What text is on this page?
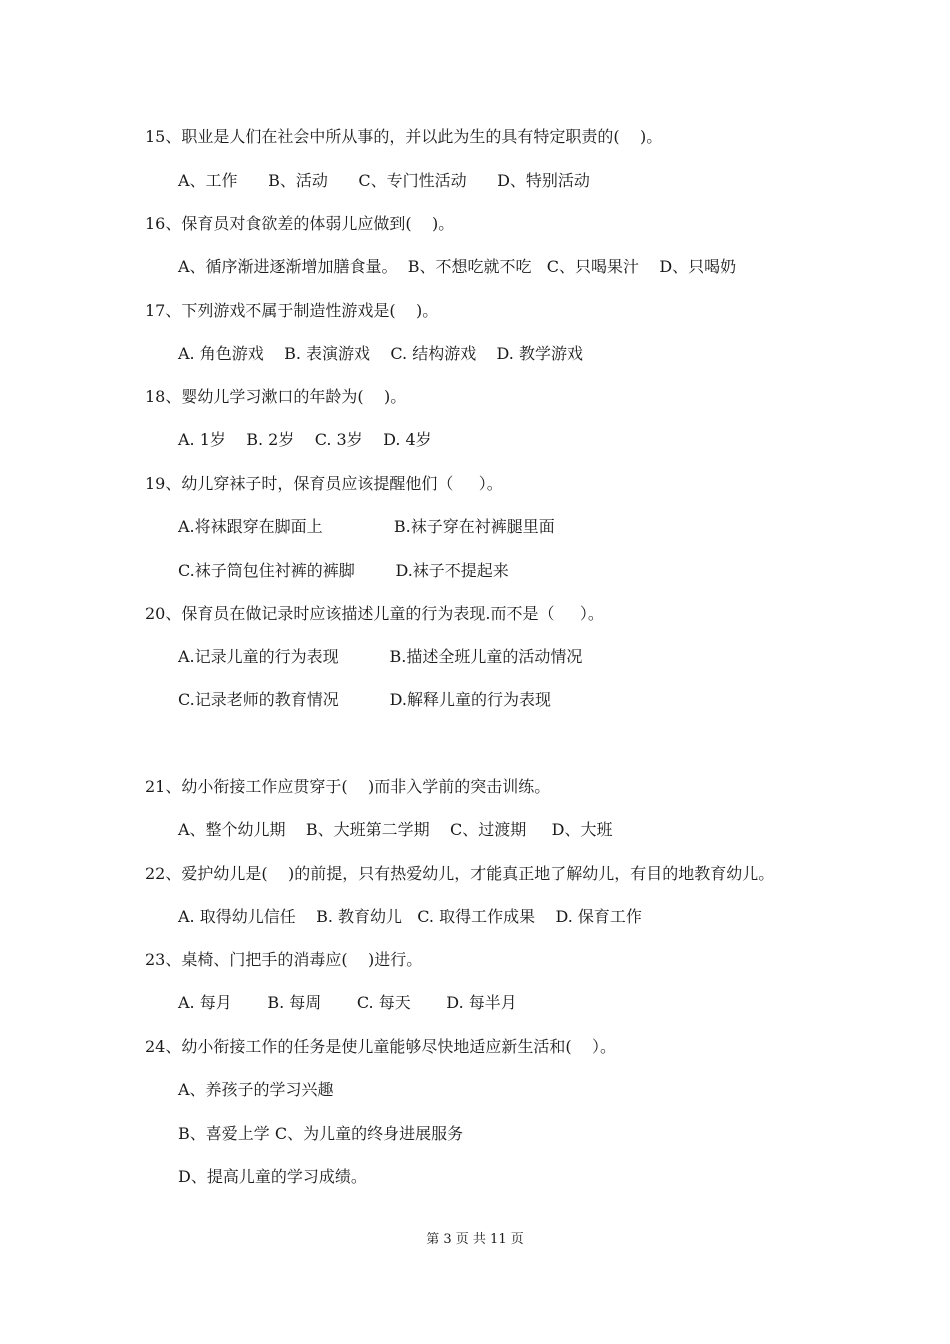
15、职业是人们在社会中所从事的，并以此为生的具有特定职责的(    )。
A、工作      B、活动      C、专门性活动      D、特别活动
16、保育员对食欲差的体弱儿应做到(    )。
A、循序渐进逐渐增加膳食量。  B、不想吃就不吃   C、只喝果汁    D、只喝奶
17、下列游戏不属于制造性游戏是(    )。
A. 角色游戏    B. 表演游戏    C. 结构游戏    D. 教学游戏
18、婴幼儿学习漱口的年龄为(    )。
A. 1岁    B. 2岁    C. 3岁    D. 4岁
19、幼儿穿袜子时，保育员应该提醒他们（     ）。
A.将袜跟穿在脚面上              B.袜子穿在衬裤腿里面
C.袜子筒包住衬裤的裤脚        D.袜子不提起来
20、保育员在做记录时应该描述儿童的行为表现.而不是（     ）。
A.记录儿童的行为表现          B.描述全班儿童的活动情况
C.记录老师的教育情况          D.解释儿童的行为表现
21、幼小衔接工作应贯穿于(    )而非入学前的突击训练。
A、整个幼儿期    B、大班第二学期    C、过渡期     D、大班
22、爱护幼儿是(    )的前提，只有热爱幼儿，才能真正地了解幼儿，有目的地教育幼儿。
A. 取得幼儿信任    B. 教育幼儿   C. 取得工作成果    D. 保育工作
23、桌椅、门把手的消毒应(    )进行。
A. 每月       B. 每周       C. 每天       D. 每半月
24、幼小衔接工作的任务是使儿童能够尽快地适应新生活和(    ）。
A、养孩子的学习兴趣
B、喜爱上学 C、为儿童的终身进展服务
D、提高儿童的学习成绩。
第 3 页 共 11 页
